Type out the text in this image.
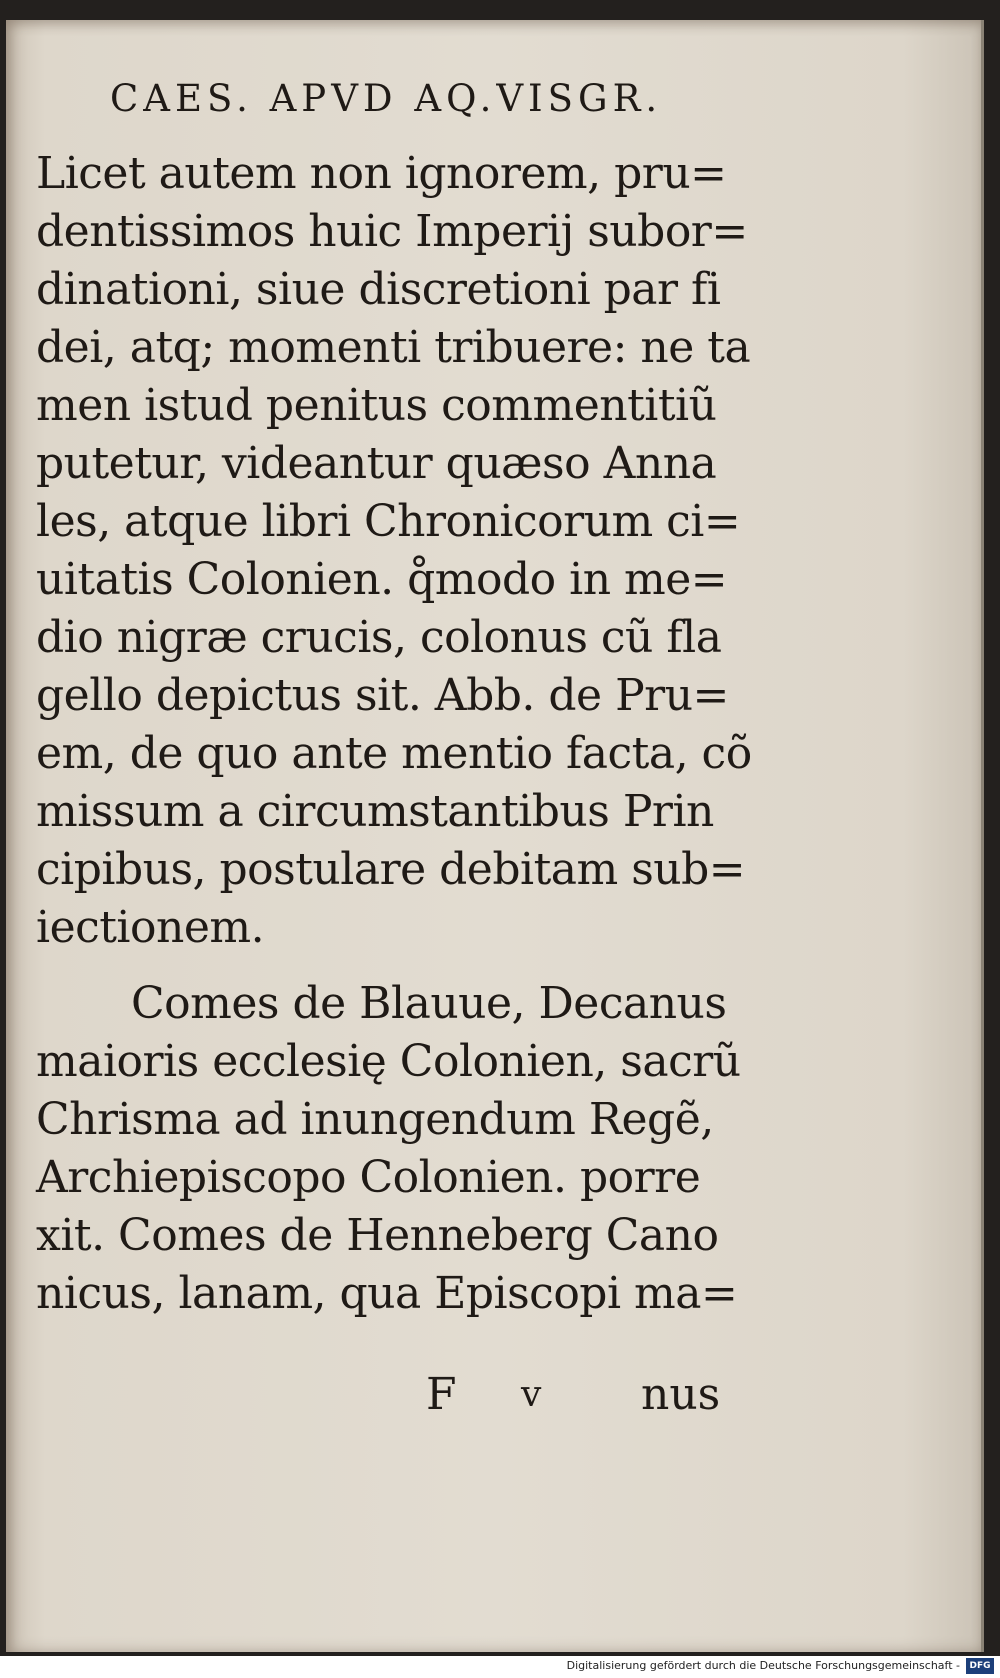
CAES. APVD AQ.VISGR.
Licet autem non ignorem, pru=
dentissimos huic Imperij subor=
dinationi, siue discretioni par fi
dei, atq; momenti tribuere: ne ta
men istud penitus commentitiũ
putetur, videantur quæso Anna
les, atque libri Chronicorum ci=
uitatis Colonien. q̊modo in me=
dio nigræ crucis, colonus cũ fla
gello depictus sit. Abb. de Pru=
em, de quo ante mentio facta, cõ
missum a circumstantibus Prin
cipibus, postulare debitam sub=
iectionem.
Comes de Blauue, Decanus
maioris ecclesię Colonien, sacrũ
Chrisma ad inungendum Regẽ,
Archiepiscopo Colonien. porre
xit. Comes de Henneberg Cano
nicus, lanam, qua Episcopi ma=
F v nus
Digitalisierung gefördert durch die Deutsche Forschungsgemeinschaft -	DFG
